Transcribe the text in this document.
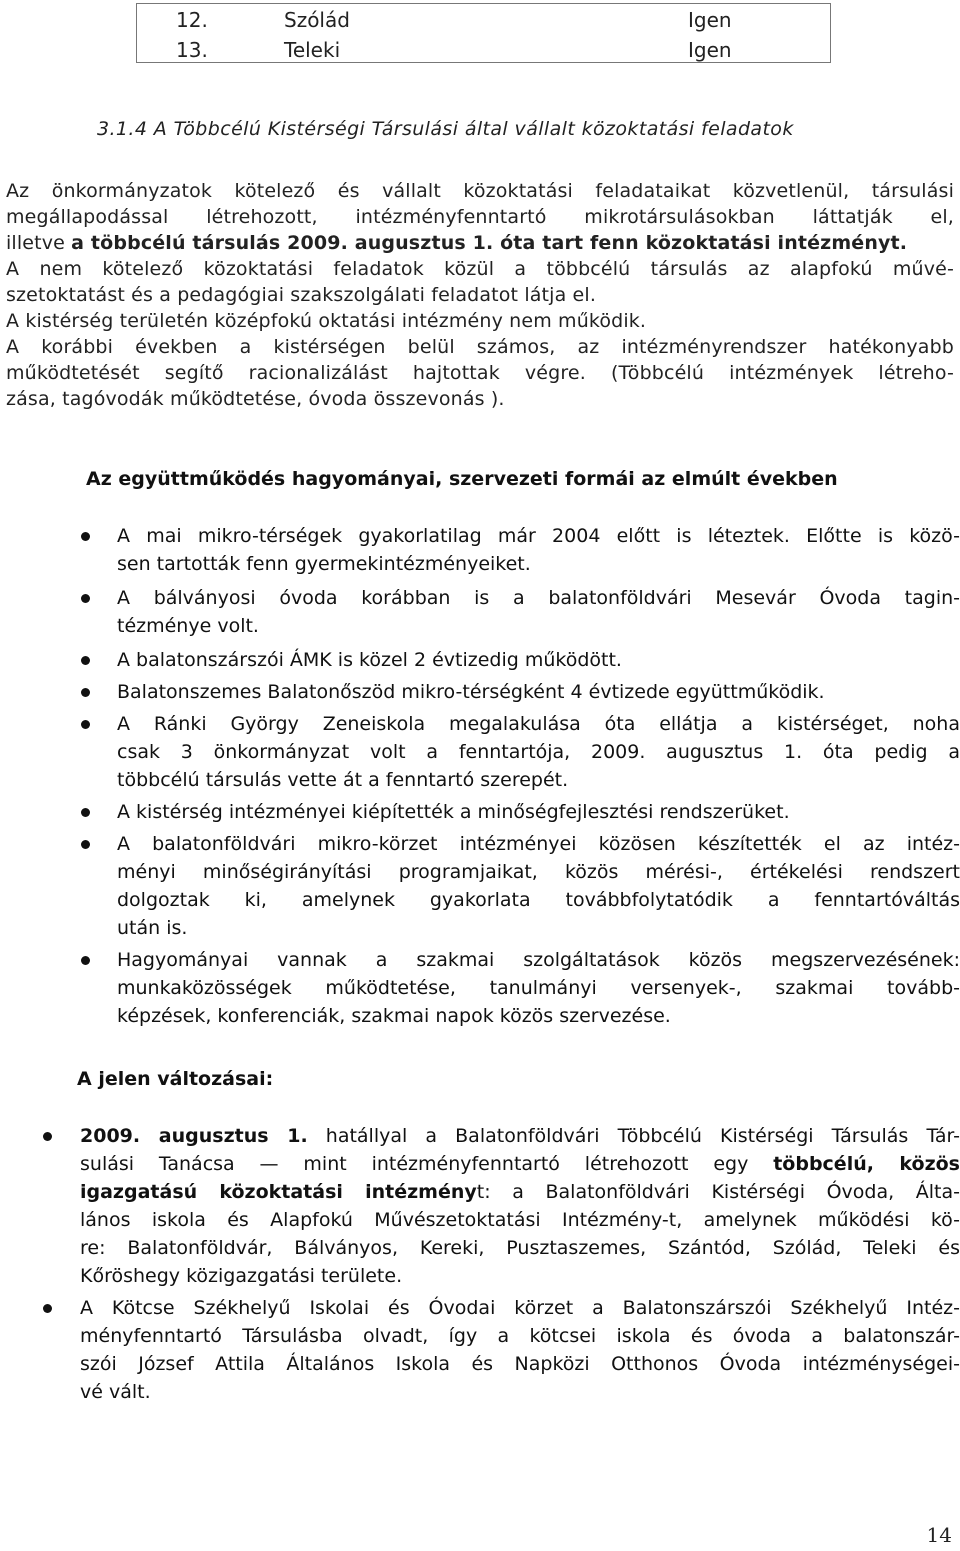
12.	Szólád	Igen
13.	Teleki	Igen
3.1.4 A Többcélú Kistérségi Társulási által vállalt közoktatási feladatok
Az önkormányzatok kötelező és vállalt közoktatási feladataikat közvetlenül, társulási
megállapodással létrehozott, intézményfenntartó mikrotársulásokban láttatják el,
illetve a többcélú társulás 2009. augusztus 1. óta tart fenn közoktatási intézményt.
A nem kötelező közoktatási feladatok közül a többcélú társulás az alapfokú művé-
szetoktatást és a pedagógiai szakszolgálati feladatot látja el.
A kistérség területén középfokú oktatási intézmény nem működik.
A korábbi években a kistérségen belül számos, az intézményrendszer hatékonyabb
működtetését segítő racionalizálást hajtottak végre. (Többcélú intézmények létreho-
zása, tagóvodák működtetése, óvoda összevonás ).
Az együttműködés hagyományai, szervezeti formái az elmúlt években
A mai mikro-térségek gyakorlatilag már 2004 előtt is léteztek. Előtte is közö-
sen tartották fenn gyermekintézményeiket.
A bálványosi óvoda korábban is a balatonföldvári Mesevár Óvoda tagin-
tézménye volt.
A balatonszárszói ÁMK is közel 2 évtizedig működött.
Balatonszemes Balatonőszöd mikro-térségként 4 évtizede együttműködik.
A Ránki György Zeneiskola megalakulása óta ellátja a kistérséget, noha
csak 3 önkormányzat volt a fenntartója, 2009. augusztus 1. óta pedig a
többcélú társulás vette át a fenntartó szerepét.
A kistérség intézményei kiépítették a minőségfejlesztési rendszerüket.
A balatonföldvári mikro-körzet intézményei közösen készítették el az intéz-
ményi minőségirányítási programjaikat, közös mérési-, értékelési rendszert
dolgoztak ki, amelynek gyakorlata továbbfolytatódik a fenntartóváltás
után is.
Hagyományai vannak a szakmai szolgáltatások közös megszervezésének:
munkaközösségek működtetése, tanulmányi versenyek-, szakmai tovább-
képzések, konferenciák, szakmai napok közös szervezése.
A jelen változásai:
2009. augusztus 1. hatállyal a Balatonföldvári Többcélú Kistérségi Társulás Tár-
sulási Tanácsa — mint intézményfenntartó létrehozott egy többcélú, közös
igazgatású közoktatási intézményt: a Balatonföldvári Kistérségi Óvoda, Álta-
lános iskola és Alapfokú Művészetoktatási Intézmény-t, amelynek működési kö-
re: Balatonföldvár, Bálványos, Kereki, Pusztaszemes, Szántód, Szólád, Teleki és
Kőröshegy közigazgatási területe.
A Kötcse Székhelyű Iskolai és Óvodai körzet a Balatonszárszói Székhelyű Intéz-
ményfenntartó Társulásba olvadt, így a kötcsei iskola és óvoda a balatonszár-
szói József Attila Általános Iskola és Napközi Otthonos Óvoda intézménységei-
vé vált.
14
